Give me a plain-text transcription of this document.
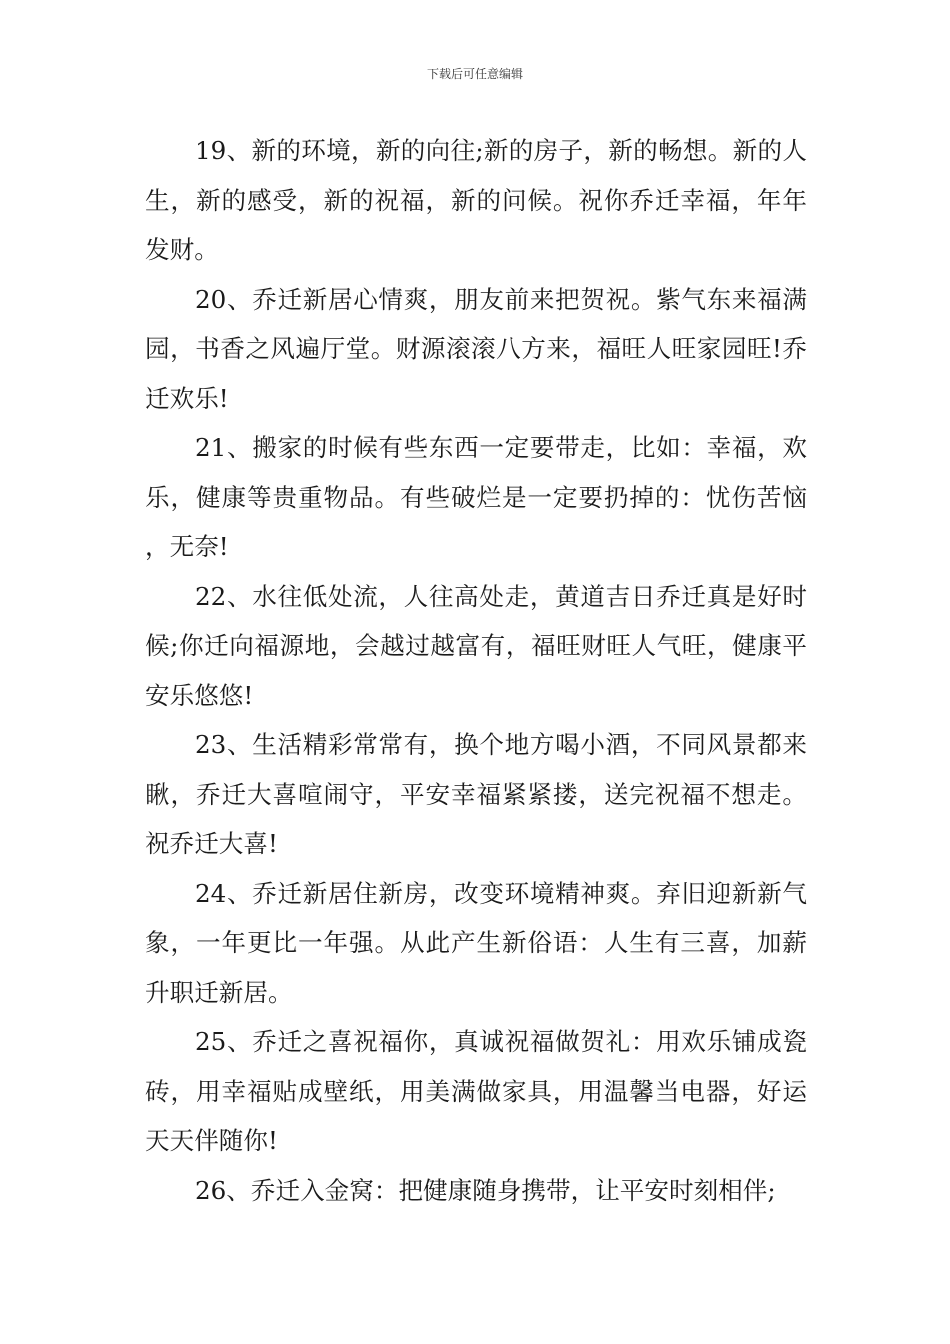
下载后可任意编辑

19、新的环境，新的向往;新的房子，新的畅想。新的人生，新的感受，新的祝福，新的问候。祝你乔迁幸福，年年发财。

20、乔迁新居心情爽，朋友前来把贺祝。紫气东来福满园，书香之风遍厅堂。财源滚滚八方来，福旺人旺家园旺!乔迁欢乐!

21、搬家的时候有些东西一定要带走，比如：幸福，欢乐，健康等贵重物品。有些破烂是一定要扔掉的：忧伤苦恼，无奈!

22、水往低处流，人往高处走，黄道吉日乔迁真是好时候;你迁向福源地，会越过越富有，福旺财旺人气旺，健康平安乐悠悠!

23、生活精彩常常有，换个地方喝小酒，不同风景都来瞅，乔迁大喜喧闹守，平安幸福紧紧搂，送完祝福不想走。祝乔迁大喜!

24、乔迁新居住新房，改变环境精神爽。弃旧迎新新气象，一年更比一年强。从此产生新俗语：人生有三喜，加薪升职迁新居。

25、乔迁之喜祝福你，真诚祝福做贺礼：用欢乐铺成瓷砖，用幸福贴成壁纸，用美满做家具，用温馨当电器，好运天天伴随你!

26、乔迁入金窝：把健康随身携带，让平安时刻相伴;
